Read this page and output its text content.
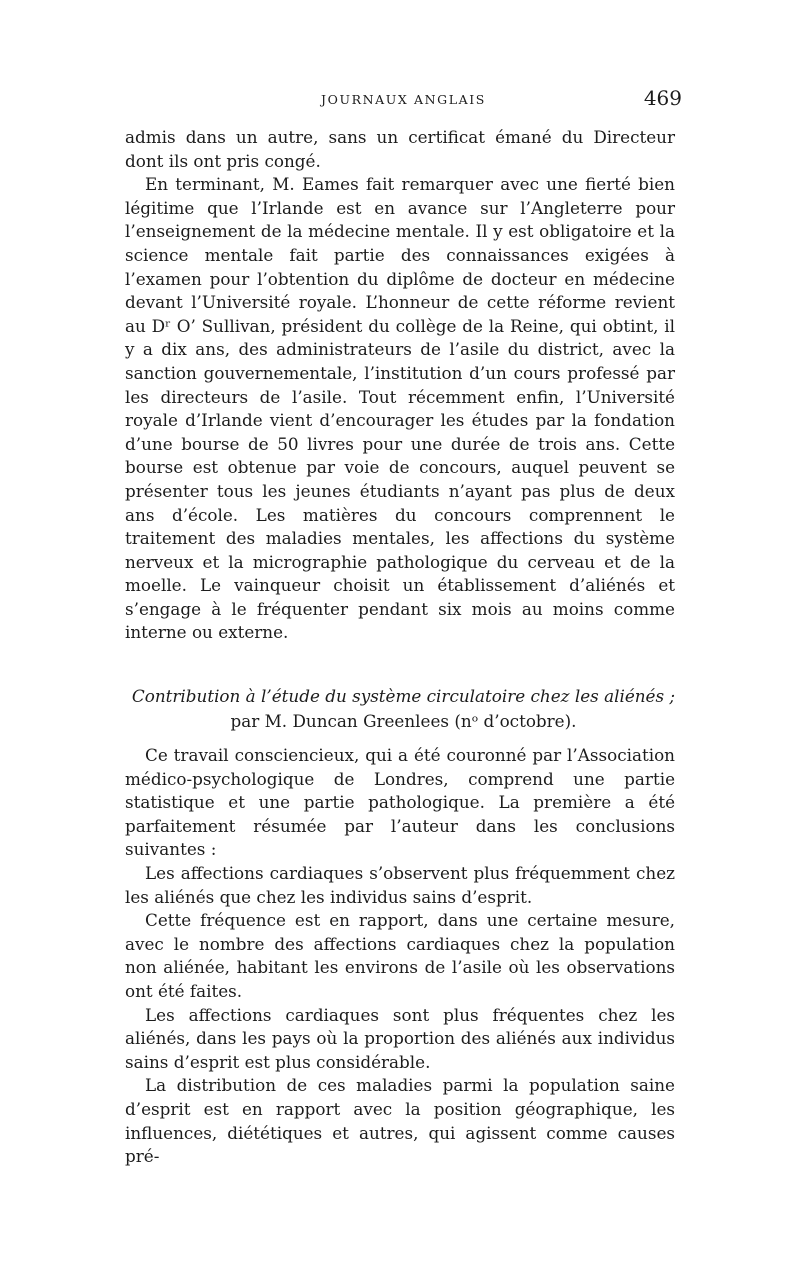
JOURNAUX ANGLAIS	469

admis dans un autre, sans un certificat émané du Directeur dont ils ont pris congé.

En terminant, M. Eames fait remarquer avec une fierté bien légitime que l’Irlande est en avance sur l’Angleterre pour l’enseignement de la médecine mentale. Il y est obligatoire et la science mentale fait partie des connaissances exigées à l’examen pour l’obtention du diplôme de docteur en médecine devant l’Université royale. L’honneur de cette réforme revient au Dʳ O’ Sullivan, président du collège de la Reine, qui obtint, il y a dix ans, des administrateurs de l’asile du district, avec la sanction gouvernementale, l’institution d’un cours professé par les directeurs de l’asile. Tout récemment enfin, l’Université royale d’Irlande vient d’encourager les études par la fondation d’une bourse de 50 livres pour une durée de trois ans. Cette bourse est obtenue par voie de concours, auquel peuvent se présenter tous les jeunes étudiants n’ayant pas plus de deux ans d’école. Les matières du concours comprennent le traitement des maladies mentales, les affections du système nerveux et la micrographie pathologique du cerveau et de la moelle. Le vainqueur choisit un établissement d’aliénés et s’engage à le fréquenter pendant six mois au moins comme interne ou externe.

Contribution à l’étude du système circulatoire chez les aliénés ;
par M. Duncan Greenlees (nᵒ d’octobre).

Ce travail consciencieux, qui a été couronné par l’Association médico-psychologique de Londres, comprend une partie statistique et une partie pathologique. La première a été parfaitement résumée par l’auteur dans les conclusions suivantes :

Les affections cardiaques s’observent plus fréquemment chez les aliénés que chez les individus sains d’esprit.

Cette fréquence est en rapport, dans une certaine mesure, avec le nombre des affections cardiaques chez la population non aliénée, habitant les environs de l’asile où les observations ont été faites.

Les affections cardiaques sont plus fréquentes chez les aliénés, dans les pays où la proportion des aliénés aux individus sains d’esprit est plus considérable.

La distribution de ces maladies parmi la population saine d’esprit est en rapport avec la position géographique, les influences, diététiques et autres, qui agissent comme causes pré-
